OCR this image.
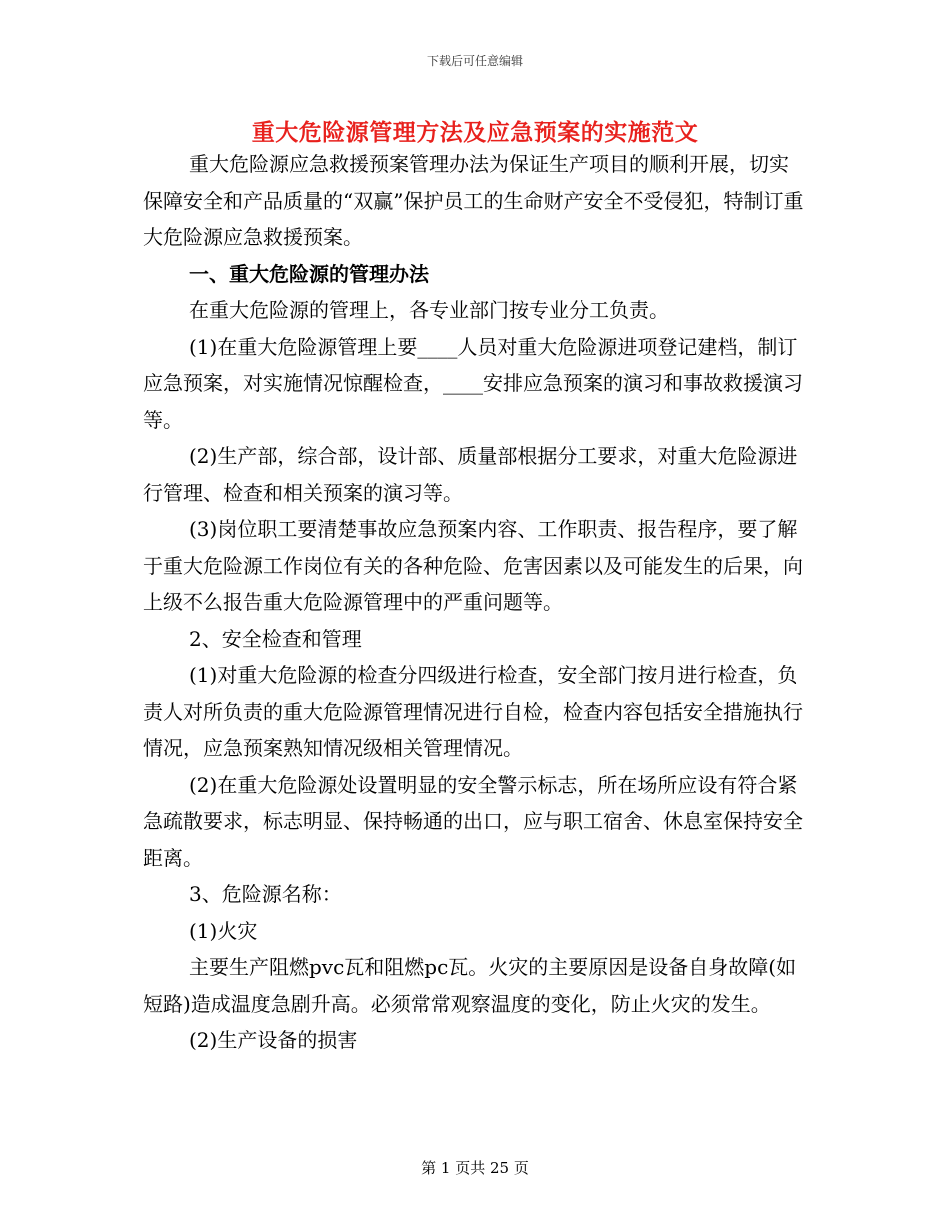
下载后可任意编辑
重大危险源管理方法及应急预案的实施范文

重大危险源应急救援预案管理办法为保证生产项目的顺利开展，切实保障安全和产品质量的“双赢”保护员工的生命财产安全不受侵犯，特制订重大危险源应急救援预案。

一、重大危险源的管理办法

在重大危险源的管理上，各专业部门按专业分工负责。

(1)在重大危险源管理上要____人员对重大危险源进项登记建档，制订应急预案，对实施情况惊醒检查，____安排应急预案的演习和事故救援演习等。

(2)生产部，综合部，设计部、质量部根据分工要求，对重大危险源进行管理、检查和相关预案的演习等。

(3)岗位职工要清楚事故应急预案内容、工作职责、报告程序，要了解于重大危险源工作岗位有关的各种危险、危害因素以及可能发生的后果，向上级不么报告重大危险源管理中的严重问题等。

2、安全检查和管理

(1)对重大危险源的检查分四级进行检查，安全部门按月进行检查，负责人对所负责的重大危险源管理情况进行自检，检查内容包括安全措施执行情况，应急预案熟知情况级相关管理情况。

(2)在重大危险源处设置明显的安全警示标志，所在场所应设有符合紧急疏散要求，标志明显、保持畅通的出口，应与职工宿舍、休息室保持安全距离。

3、危险源名称：

(1)火灾

主要生产阻燃pvc瓦和阻燃pc瓦。火灾的主要原因是设备自身故障(如短路)造成温度急剧升高。必须常常观察温度的变化，防止火灾的发生。

(2)生产设备的损害

第 1 页共 25 页
